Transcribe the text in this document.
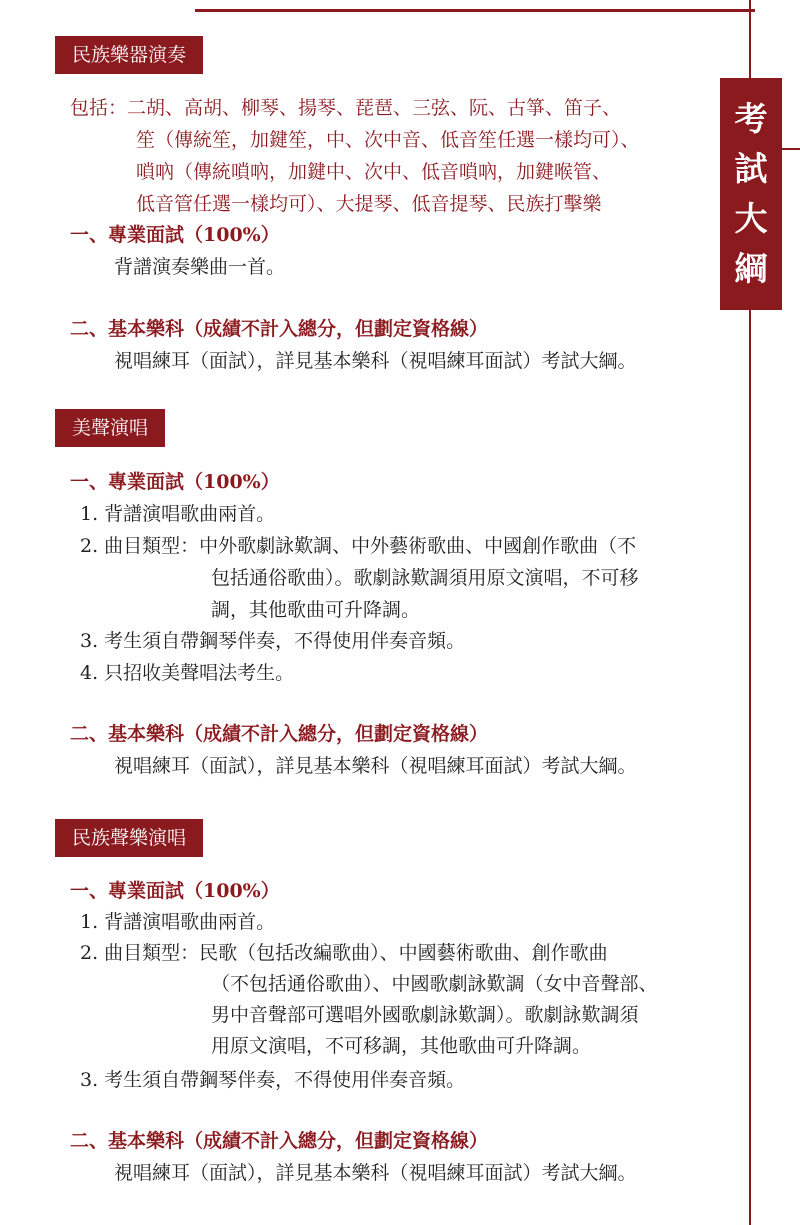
考
試
大
綱
民族樂器演奏
包括：二胡、高胡、柳琴、揚琴、琵琶、三弦、阮、古箏、笛子、
笙（傳統笙，加鍵笙，中、次中音、低音笙任選一樣均可）、
嗩吶（傳統嗩吶，加鍵中、次中、低音嗩吶，加鍵喉管、
低音管任選一樣均可）、大提琴、低音提琴、民族打擊樂
一、專業面試（100%）
背譜演奏樂曲一首。
二、基本樂科（成績不計入總分，但劃定資格線）
視唱練耳（面試），詳見基本樂科（視唱練耳面試）考試大綱。
美聲演唱
一、專業面試（100%）
1. 背譜演唱歌曲兩首。
2. 曲目類型：中外歌劇詠歎調、中外藝術歌曲、中國創作歌曲（不
包括通俗歌曲）。歌劇詠歎調須用原文演唱，不可移
調，其他歌曲可升降調。
3. 考生須自帶鋼琴伴奏，不得使用伴奏音頻。
4. 只招收美聲唱法考生。
二、基本樂科（成績不計入總分，但劃定資格線）
視唱練耳（面試），詳見基本樂科（視唱練耳面試）考試大綱。
民族聲樂演唱
一、專業面試（100%）
1. 背譜演唱歌曲兩首。
2. 曲目類型：民歌（包括改編歌曲）、中國藝術歌曲、創作歌曲
（不包括通俗歌曲）、中國歌劇詠歎調（女中音聲部、
男中音聲部可選唱外國歌劇詠歎調）。歌劇詠歎調須
用原文演唱，不可移調，其他歌曲可升降調。
3. 考生須自帶鋼琴伴奏，不得使用伴奏音頻。
二、基本樂科（成績不計入總分，但劃定資格線）
視唱練耳（面試），詳見基本樂科（視唱練耳面試）考試大綱。
